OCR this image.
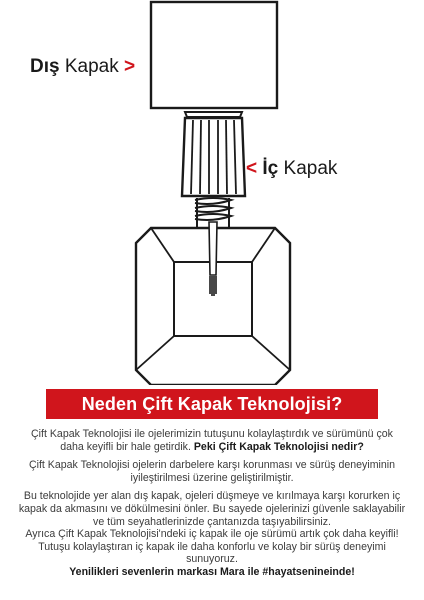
Dış Kapak >
< İç Kapak
Neden Çift Kapak Teknolojisi?

Çift Kapak Teknolojisi ile ojelerimizin tutuşunu kolaylaştırdık ve sürümünü çok daha keyifli bir hale getirdik. Peki Çift Kapak Teknolojisi nedir?

Çift Kapak Teknolojisi ojelerin darbelere karşı korunması ve sürüş deneyiminin iyileştirilmesi üzerine geliştirilmiştir.

Bu teknolojide yer alan dış kapak, ojeleri düşmeye ve kırılmaya karşı korurken iç kapak da akmasını ve dökülmesini önler. Bu sayede ojelerinizi güvenle saklayabilir ve tüm seyahatlerinizde çantanızda taşıyabilirsiniz.

Ayrıca Çift Kapak Teknolojisi'ndeki iç kapak ile oje sürümü artık çok daha keyifli! Tutuşu kolaylaştıran iç kapak ile daha konforlu ve kolay bir sürüş deneyimi sunuyoruz.

Yenilikleri sevenlerin markası Mara ile #hayatsenineinde!
